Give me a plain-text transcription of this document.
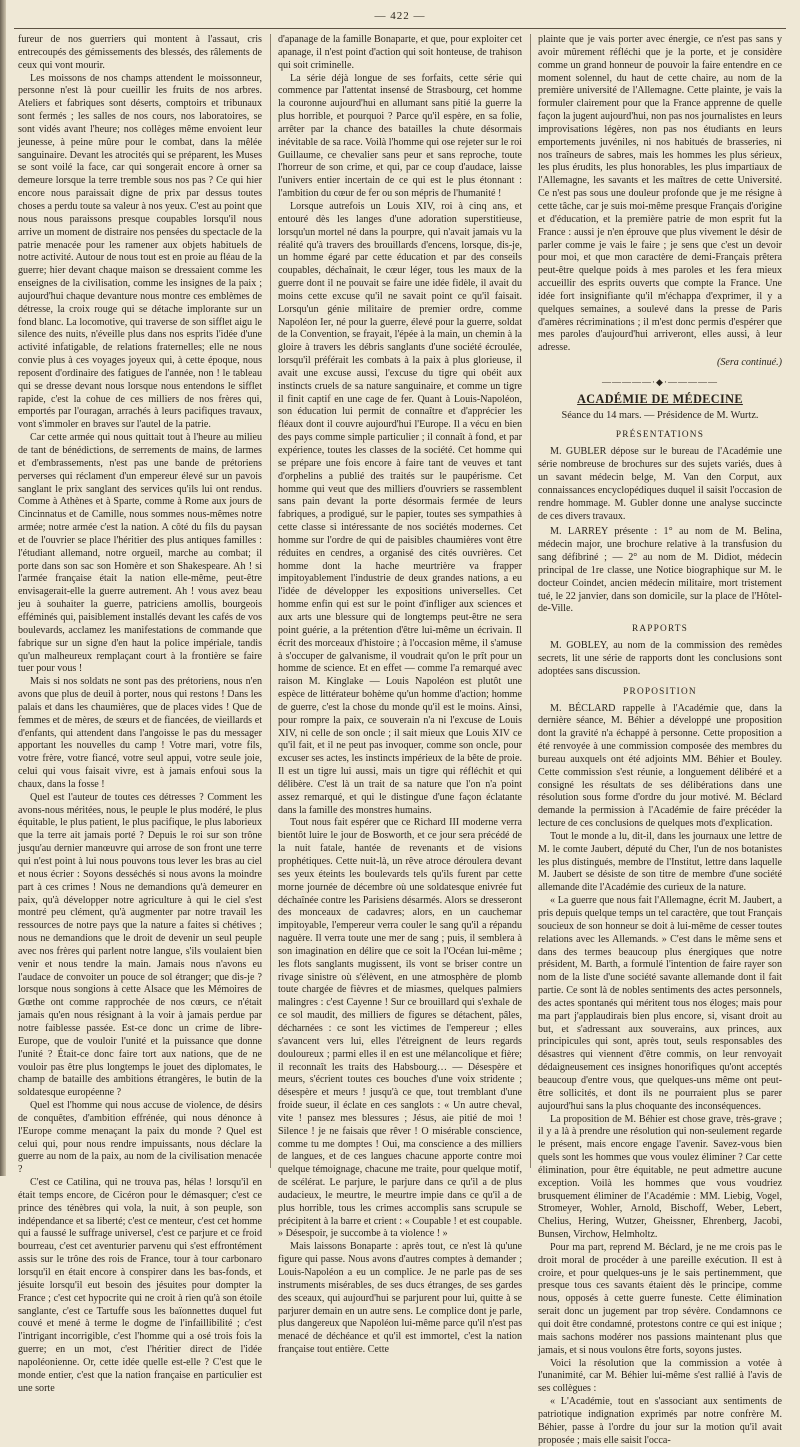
— 422 —

fureur de nos guerriers qui montent à l'assaut, cris entrecoupés des gémissements des blessés, des râlements de ceux qui vont mourir.

Les moissons de nos champs attendent le moissonneur, personne n'est là pour cueillir les fruits de nos arbres. Ateliers et fabriques sont déserts, comptoirs et tribunaux sont fermés ; les salles de nos cours, nos laboratoires, se sont vidés avant l'heure; nos collèges même envoient leur jeunesse, à peine mûre pour le combat, dans la mêlée sanguinaire. Devant les atrocités qui se préparent, les Muses se sont voilé la face, car qui songerait encore à orner sa demeure lorsque la terre tremble sous nos pas ? Ce qui hier encore nous paraissait digne de prix par dessus toutes choses a perdu toute sa valeur à nos yeux. C'est au point que nous nous paraissons presque coupables lorsqu'il nous arrive un moment de distraire nos pensées du spectacle de la patrie menacée pour les ramener aux objets habituels de notre activité. Autour de nous tout est en proie au fléau de la guerre; hier devant chaque maison se dressaient comme les enseignes de la civilisation, comme les insignes de la paix ; aujourd'hui chaque devanture nous montre ces emblèmes de détresse, la croix rouge qui se détache implorante sur un fond blanc. La locomotive, qui traverse de son sifflet aigu le silence des nuits, n'éveille plus dans nos esprits l'idée d'une activité infatigable, de relations fraternelles; elle ne nous convie plus à ces voyages joyeux qui, à cette époque, nous reposent d'ordinaire des fatigues de l'année, non ! le tableau qui se dresse devant nous lorsque nous entendons le sifflet rapide, c'est la cohue de ces milliers de nos frères qui, emportés par l'ouragan, arrachés à leurs pacifiques travaux, vont s'immoler en braves sur l'autel de la patrie.

Car cette armée qui nous quittait tout à l'heure au milieu de tant de bénédictions, de serrements de mains, de larmes et d'embrassements, n'est pas une bande de prétoriens perverses qui réclament d'un empereur élevé sur un pavois sanglant le prix sanglant des services qu'ils lui ont rendus. Comme à Athènes et à Sparte, comme à Rome aux jours de Cincinnatus et de Camille, nous sommes nous-mêmes notre armée; notre armée c'est la nation. A côté du fils du paysan et de l'ouvrier se place l'héritier des plus antiques familles : l'étudiant allemand, notre orgueil, marche au combat; il porte dans son sac son Homère et son Shakespeare. Ah ! si l'armée française était la nation elle-même, peut-être envisagerait-elle la guerre autrement. Ah ! vous avez beau jeu à souhaiter la guerre, patriciens amollis, bourgeois efféminés qui, paisiblement installés devant les cafés de vos boulevards, acclamez les manifestations de commande que fabrique sur un signe d'en haut la police impériale, tandis qu'un malheureux remplaçant court à la frontière se faire tuer pour vous !

Mais si nos soldats ne sont pas des prétoriens, nous n'en avons que plus de deuil à porter, nous qui restons ! Dans les palais et dans les chaumières, que de places vides ! Que de femmes et de mères, de sœurs et de fiancées, de vieillards et d'enfants, qui attendent dans l'angoisse le pas du messager apportant les nouvelles du camp ! Votre mari, votre fils, votre frère, votre fiancé, votre seul appui, votre seule joie, celui qui vous faisait vivre, est à jamais enfoui sous la chaux, dans la fosse !

Quel est l'auteur de toutes ces détresses ? Comment les avons-nous méritées, nous, le peuple le plus modéré, le plus équitable, le plus patient, le plus pacifique, le plus laborieux que la terre ait jamais porté ? Depuis le roi sur son trône jusqu'au dernier manœuvre qui arrose de son front une terre qui n'est point à lui nous pouvons tous lever les bras au ciel et nous écrier : Soyons desséchés si nous avons la moindre part à ces crimes ! Nous ne demandions qu'à demeurer en paix, qu'à développer notre agriculture à qui le ciel s'est montré peu clément, qu'à augmenter par notre travail les ressources de notre pays que la nature a faites si chétives ; nous ne demandions que le droit de devenir un seul peuple avec nos frères qui parlent notre langue, s'ils voulaient bien venir et nous tendre la main. Jamais nous n'avons eu l'audace de convoiter un pouce de sol étranger; que dis-je ? lorsque nous songions à cette Alsace que les Mémoires de Gœthe ont comme rapprochée de nos cœurs, ce n'était jamais qu'en nous résignant à la voir à jamais perdue par notre faiblesse passée. Est-ce donc un crime de libre-Europe, que de vouloir l'unité et la puissance que donne l'unité ? Était-ce donc faire tort aux nations, que de ne vouloir pas être plus longtemps le jouet des diplomates, le champ de bataille des ambitions étrangères, le butin de la soldatesque européenne ?

Quel est l'homme qui nous accuse de violence, de désirs de conquêtes, d'ambition effrénée, qui nous dénonce à l'Europe comme menaçant la paix du monde ? Quel est celui qui, pour nous rendre impuissants, nous déclare la guerre au nom de la paix, au nom de la civilisation menacée ?

C'est ce Catilina, qui ne trouva pas, hélas ! lorsqu'il en était temps encore, de Cicéron pour le démasquer; c'est ce prince des ténèbres qui vola, la nuit, à son peuple, son indépendance et sa liberté; c'est ce menteur, c'est cet homme qui a faussé le suffrage universel, c'est ce parjure et ce froid bourreau, c'est cet aventurier parvenu qui s'est effrontément assis sur le trône des rois de France, tour à tour carbonaro lorsqu'il en était encore à conspirer dans les bas-fonds, et jésuite lorsqu'il eut besoin des jésuites pour dompter la France ; c'est cet hypocrite qui ne croit à rien qu'à son étoile sanglante, c'est ce Tartuffe sous les baïonnettes duquel fut couvé et mené à terme le dogme de l'infaillibilité ; c'est l'intrigant incorrigible, c'est l'homme qui a osé trois fois la guerre; en un mot, c'est l'héritier direct de l'idée napoléonienne. Or, cette idée quelle est-elle ? C'est que le monde entier, c'est que la nation française en particulier est une sorte

d'apanage de la famille Bonaparte, et que, pour exploiter cet apanage, il n'est point d'action qui soit honteuse, de trahison qui soit criminelle.

La série déjà longue de ses forfaits, cette série qui commence par l'attentat insensé de Strasbourg, cet homme la couronne aujourd'hui en allumant sans pitié la guerre la plus horrible, et pourquoi ? Parce qu'il espère, en sa folie, arrêter par la chance des batailles la chute désormais inévitable de sa race. Voilà l'homme qui ose rejeter sur le roi Guillaume, ce chevalier sans peur et sans reproche, toute l'horreur de son crime, et qui, par ce coup d'audace, laisse l'univers entier incertain de ce qui est le plus étonnant : l'ambition du cœur de fer ou son mépris de l'humanité !

Lorsque autrefois un Louis XIV, roi à cinq ans, et entouré dès les langes d'une adoration superstitieuse, lorsqu'un mortel né dans la pourpre, qui n'avait jamais vu la réalité qu'à travers des brouillards d'encens, lorsque, dis-je, un homme égaré par cette éducation et par des conseils coupables, déchaînait, le cœur léger, tous les maux de la guerre dont il ne pouvait se faire une idée fidèle, il avait du moins cette excuse qu'il ne savait point ce qu'il faisait. Lorsqu'un génie militaire de premier ordre, comme Napoléon Ier, né pour la guerre, élevé pour la guerre, soldat de la Convention, se frayait, l'épée à la main, un chemin à la gloire à travers les débris sanglants d'une société écroulée, lorsqu'il préférait les combats à la paix à plus glorieuse, il avait une excuse aussi, l'excuse du tigre qui obéit aux instincts cruels de sa nature sanguinaire, et comme un tigre il finit captif en une cage de fer. Quant à Louis-Napoléon, son éducation lui permit de connaître et d'apprécier les fléaux dont il couvre aujourd'hui l'Europe. Il a vécu en bien des pays comme simple particulier ; il connaît à fond, et par expérience, toutes les classes de la société. Cet homme qui se prépare une fois encore à faire tant de veuves et tant d'orphelins a publié des traités sur le paupérisme. Cet homme qui veut que des milliers d'ouvriers se rassemblent sans pain devant la porte désormais fermée de leurs fabriques, a prodigué, sur le papier, toutes ses sympathies à cette classe si intéressante de nos sociétés modernes. Cet homme sur l'ordre de qui de paisibles chaumières vont être réduites en cendres, a organisé des cités ouvrières. Cet homme dont la hache meurtrière va frapper impitoyablement l'industrie de deux grandes nations, a eu l'idée de développer les expositions universelles. Cet homme enfin qui est sur le point d'infliger aux sciences et aux arts une blessure qui de longtemps peut-être ne sera point guérie, a la prétention d'être lui-même un écrivain. Il écrit des morceaux d'histoire ; à l'occasion même, il s'amuse à s'occuper de galvanisme, il voudrait qu'on le prît pour un homme de science. Et en effet — comme l'a remarqué avec raison M. Kinglake — Louis Napoléon est plutôt une espèce de littérateur bohème qu'un homme d'action; homme de guerre, c'est la chose du monde qu'il est le moins. Ainsi, pour rompre la paix, ce souverain n'a ni l'excuse de Louis XIV, ni celle de son oncle ; il sait mieux que Louis XIV ce qu'il fait, et il ne peut pas invoquer, comme son oncle, pour excuser ses actes, les instincts impérieux de la bête de proie. Il est un tigre lui aussi, mais un tigre qui réfléchit et qui délibère. C'est là un trait de sa nature que l'on n'a point assez remarqué, et qui le distingue d'une façon éclatante dans la famille des monstres humains.

Tout nous fait espérer que ce Richard III moderne verra bientôt luire le jour de Bosworth, et ce jour sera précédé de la nuit fatale, hantée de revenants et de visions prophétiques. Cette nuit-là, un rêve atroce déroulera devant ses yeux éteints les boulevards tels qu'ils furent par cette morne journée de décembre où une soldatesque enivrée fut déchaînée contre les Parisiens désarmés. Alors se dresseront des monceaux de cadavres; alors, en un cauchemar impitoyable, l'empereur verra couler le sang qu'il a répandu naguère. Il verra toute une mer de sang ; puis, il semblera à son imagination en délire que ce soit la l'Océan lui-même ; les flots sanglants mugissent, ils vont se briser contre un rivage sinistre où s'élèvent, en une atmosphère de plomb toute chargée de fièvres et de miasmes, quelques palmiers malingres : c'est Cayenne ! Sur ce brouillard qui s'exhale de ce sol maudit, des milliers de figures se détachent, pâles, décharnées : ce sont les victimes de l'empereur ; elles s'avancent vers lui, elles l'étreignent de leurs regards douloureux ; parmi elles il en est une mélancolique et fière; il reconnaît les traits des Habsbourg… — Désespère et meurs, s'écrient toutes ces bouches d'une voix stridente ; désespère et meurs ! jusqu'à ce que, tout tremblant d'une froide sueur, il éclate en ces sanglots : « Un autre cheval, vite ! pansez mes blessures ; Jésus, aie pitié de moi ! Silence ! je ne faisais que rêver ! O misérable conscience, comme tu me domptes ! Oui, ma conscience a des milliers de langues, et de ces langues chacune apporte contre moi quelque témoignage, chacune me traite, pour quelque motif, de scélérat. Le parjure, le parjure dans ce qu'il a de plus audacieux, le meurtre, le meurtre impie dans ce qu'il a de plus horrible, tous les crimes accomplis sans scrupule se précipitent à la barre et crient : « Coupable ! et est coupable. » Désespoir, je succombe à ta violence ! »

Mais laissons Bonaparte : après tout, ce n'est là qu'une figure qui passe. Nous avons d'autres comptes à demander ; Louis-Napoléon a eu un complice. Je ne parle pas de ses instruments misérables, de ses ducs étranges, de ses gardes des sceaux, qui aujourd'hui se parjurent pour lui, quitte à se parjurer demain en un autre sens. Le complice dont je parle, plus dangereux que Napoléon lui-même parce qu'il n'est pas menacé de déchéance et qu'il est immortel, c'est la nation française tout entière. Cette

plainte que je vais porter avec énergie, ce n'est pas sans y avoir mûrement réfléchi que je la porte, et je considère comme un grand honneur de pouvoir la faire entendre en ce moment solennel, du haut de cette chaire, au nom de la première université de l'Allemagne. Cette plainte, je vais la formuler clairement pour que la France apprenne de quelle façon la jugent aujourd'hui, non pas nos journalistes en leurs improvisations légères, non pas nos étudiants en leurs emportements juvéniles, ni nos habitués de brasseries, ni nos traîneurs de sabres, mais les hommes les plus sérieux, les plus érudits, les plus honorables, les plus impartiaux de l'Allemagne, les savants et les maîtres de cette Université. Ce n'est pas sous une douleur profonde que je me résigne à cette tâche, car je suis moi-même presque Français d'origine et d'éducation, et la première patrie de mon esprit fut la France : aussi je n'en éprouve que plus vivement le désir de parler comme je vais le faire ; je sens que c'est un devoir pour moi, et que mon caractère de demi-Français prêtera peut-être quelque poids à mes paroles et les fera mieux accueillir des esprits ouverts que compte la France. Une idée fort insignifiante qu'il m'échappa d'exprimer, il y a quelques semaines, a soulevé dans la presse de Paris d'amères récriminations ; il m'est donc permis d'espérer que mes paroles d'aujourd'hui arriveront, elles aussi, à leur adresse.

(Sera continué.)

—————·◆·—————
ACADÉMIE DE MÉDECINE
Séance du 14 mars. — Présidence de M. Wurtz.
PRÉSENTATIONS

M. GUBLER dépose sur le bureau de l'Académie une série nombreuse de brochures sur des sujets variés, dues à un savant médecin belge, M. Van den Corput, aux connaissances encyclopédiques duquel il saisit l'occasion de rendre hommage. M. Gubler donne une analyse succincte de ces divers travaux.

M. LARREY présente : 1° au nom de M. Belina, médecin major, une brochure relative à la transfusion du sang défibriné ; — 2° au nom de M. Didiot, médecin principal de 1re classe, une Notice biographique sur M. le docteur Coindet, ancien médecin militaire, mort tristement tué, le 22 janvier, dans son domicile, sur la place de l'Hôtel-de-Ville.

RAPPORTS

M. GOBLEY, au nom de la commission des remèdes secrets, lit une série de rapports dont les conclusions sont adoptées sans discussion.

PROPOSITION

M. BÉCLARD rappelle à l'Académie que, dans la dernière séance, M. Béhier a développé une proposition dont la gravité n'a échappé à personne. Cette proposition a été renvoyée à une commission composée des membres du bureau auxquels ont été adjoints MM. Béhier et Bouley. Cette commission s'est réunie, a longuement délibéré et a consigné les résultats de ses délibérations dans une résolution sous forme d'ordre du jour motivé. M. Béclard demande la permission à l'Académie de faire précéder la lecture de ces conclusions de quelques mots d'explication.

Tout le monde a lu, dit-il, dans les journaux une lettre de M. le comte Jaubert, député du Cher, l'un de nos botanistes les plus distingués, membre de l'Institut, lettre dans laquelle M. Jaubert se désiste de son titre de membre d'une société allemande dite l'Académie des curieux de la nature.

« La guerre que nous fait l'Allemagne, écrit M. Jaubert, a pris depuis quelque temps un tel caractère, que tout Français soucieux de son honneur se doit à lui-même de cesser toutes relations avec les Allemands. » C'est dans le même sens et dans des termes beaucoup plus énergiques que notre président, M. Barth, a formulé l'intention de faire rayer son nom de la liste d'une société savante allemande dont il fait partie. Ce sont là de nobles sentiments des actes personnels, des actes spontanés qui méritent tous nos éloges; mais pour ma part j'applaudirais bien plus encore, si, visant droit au but, et s'adressant aux souverains, aux princes, aux principicules qui sont, après tout, seuls responsables des désastres qui viennent d'être commis, on leur renvoyait dédaigneusement ces insignes honorifiques qu'ont acceptés beaucoup d'entre vous, que quelques-uns même ont peut-être sollicités, et dont ils ne pourraient plus se parer aujourd'hui sans la plus choquante des inconséquences.

La proposition de M. Béhier est chose grave, très-grave ; il y a là à prendre une résolution qui non-seulement regarde le présent, mais encore engage l'avenir. Savez-vous bien quels sont les hommes que vous voulez éliminer ? Car cette élimination, pour être équitable, ne peut admettre aucune exception. Voilà les hommes que vous voudriez brusquement éliminer de l'Académie : MM. Liebig, Vogel, Stromeyer, Wohler, Arnold, Bischoff, Weber, Lebert, Chelius, Hering, Wutzer, Gheissner, Ehrenberg, Jacobi, Bunsen, Virchow, Helmholtz.

Pour ma part, reprend M. Béclard, je ne me crois pas le droit moral de procéder à une pareille exécution. Il est à croire, et pour quelques-uns je le sais pertinemment, que presque tous ces savants étaient dès le principe, comme nous, opposés à cette guerre funeste. Cette élimination serait donc un jugement par trop sévère. Condamnons ce qui doit être condamné, protestons contre ce qui est inique ; mais sachons modérer nos passions maintenant plus que jamais, et si nous voulons être forts, soyons justes.

Voici la résolution que la commission a votée à l'unanimité, car M. Béhier lui-même s'est rallié à l'avis de ses collègues :

« L'Académie, tout en s'associant aux sentiments de patriotique indignation exprimés par notre confrère M. Béhier, passe à l'ordre du jour sur la motion qu'il avait proposée ; mais elle saisit l'occa-
